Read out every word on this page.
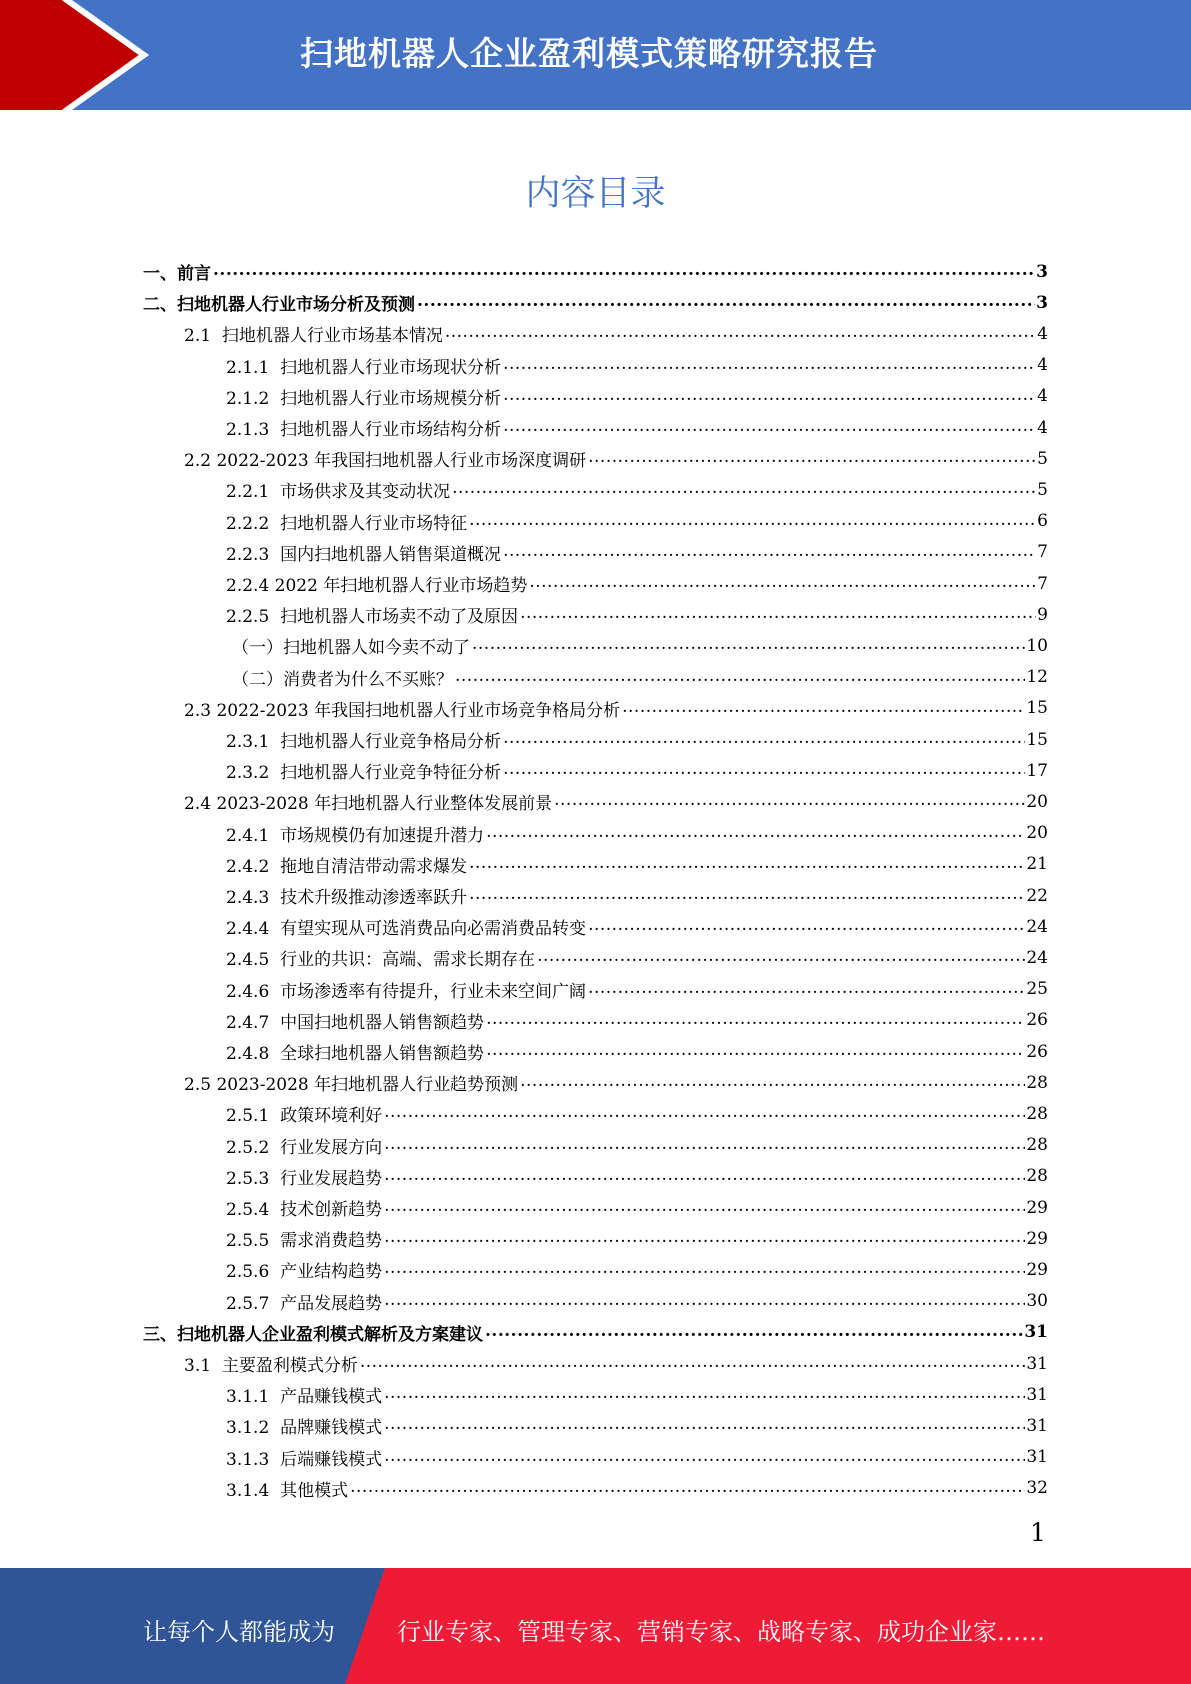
扫地机器人企业盈利模式策略研究报告
内容目录
一、前言 .....	3
二、扫地机器人行业市场分析及预测 .....	3
2.1  扫地机器人行业市场基本情况 .....	4
2.1.1  扫地机器人行业市场现状分析 .....	4
2.1.2  扫地机器人行业市场规模分析 .....	4
2.1.3  扫地机器人行业市场结构分析 .....	4
2.2 2022-2023 年我国扫地机器人行业市场深度调研 .....	5
2.2.1  市场供求及其变动状况 .....	5
2.2.2  扫地机器人行业市场特征 .....	6
2.2.3  国内扫地机器人销售渠道概况 .....	7
2.2.4 2022 年扫地机器人行业市场趋势 .....	7
2.2.5  扫地机器人市场卖不动了及原因 .....	9
（一）扫地机器人如今卖不动了 .....	10
（二）消费者为什么不买账？ .....	12
2.3 2022-2023 年我国扫地机器人行业市场竞争格局分析 .....	15
2.3.1  扫地机器人行业竞争格局分析 .....	15
2.3.2  扫地机器人行业竞争特征分析 .....	17
2.4 2023-2028 年扫地机器人行业整体发展前景 .....	20
2.4.1  市场规模仍有加速提升潜力 .....	20
2.4.2  拖地自清洁带动需求爆发 .....	21
2.4.3  技术升级推动渗透率跃升 .....	22
2.4.4  有望实现从可选消费品向必需消费品转变 .....	24
2.4.5  行业的共识：高端、需求长期存在 .....	24
2.4.6  市场渗透率有待提升，行业未来空间广阔 .....	25
2.4.7  中国扫地机器人销售额趋势 .....	26
2.4.8  全球扫地机器人销售额趋势 .....	26
2.5 2023-2028 年扫地机器人行业趋势预测 .....	28
2.5.1  政策环境利好 .....	28
2.5.2  行业发展方向 .....	28
2.5.3  行业发展趋势 .....	28
2.5.4  技术创新趋势 .....	29
2.5.5  需求消费趋势 .....	29
2.5.6  产业结构趋势 .....	29
2.5.7  产品发展趋势 .....	30
三、扫地机器人企业盈利模式解析及方案建议 .....	31
3.1  主要盈利模式分析 .....	31
3.1.1  产品赚钱模式 .....	31
3.1.2  品牌赚钱模式 .....	31
3.1.3  后端赚钱模式 .....	31
3.1.4  其他模式 .....	32
1
让每个人都能成为	行业专家、管理专家、营销专家、战略专家、成功企业家……
